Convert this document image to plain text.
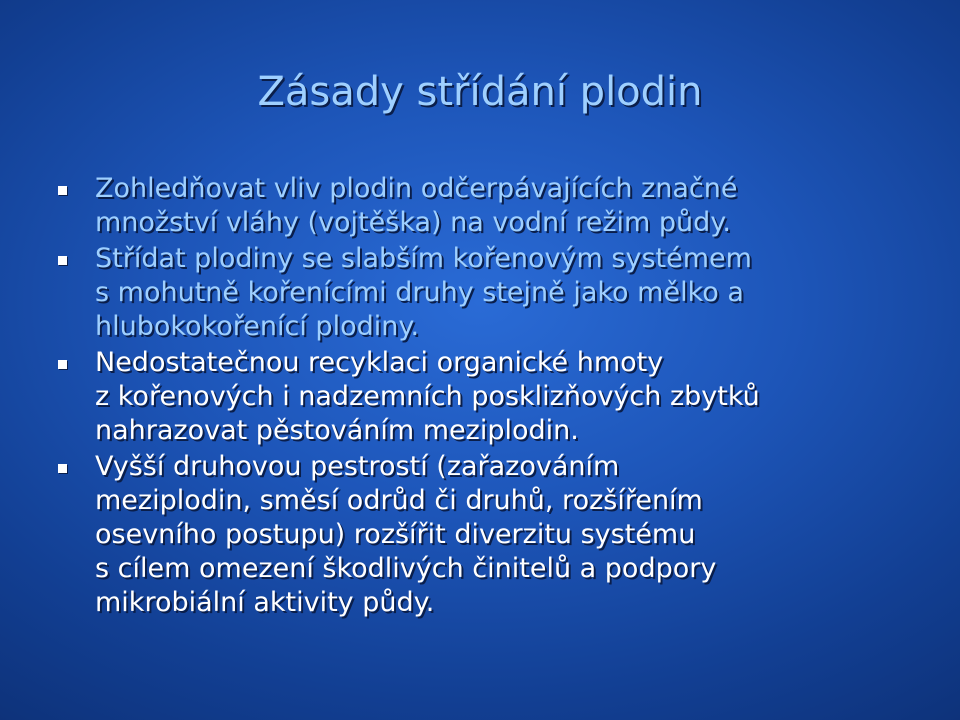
Zásady střídání plodin
Zohledňovat vliv plodin odčerpávajících značné
množství vláhy (vojtěška) na vodní režim půdy.
Střídat plodiny se slabším kořenovým systémem
s mohutně kořenícími druhy stejně jako mělko a
hlubokokořenící plodiny.
Nedostatečnou recyklaci organické hmoty
z kořenových i nadzemních posklizňových zbytků
nahrazovat pěstováním meziplodin.
Vyšší druhovou pestrostí (zařazováním
meziplodin, směsí odrůd či druhů, rozšířením
osevního postupu) rozšířit diverzitu systému
s cílem omezení škodlivých činitelů a podpory
mikrobiální aktivity půdy.
